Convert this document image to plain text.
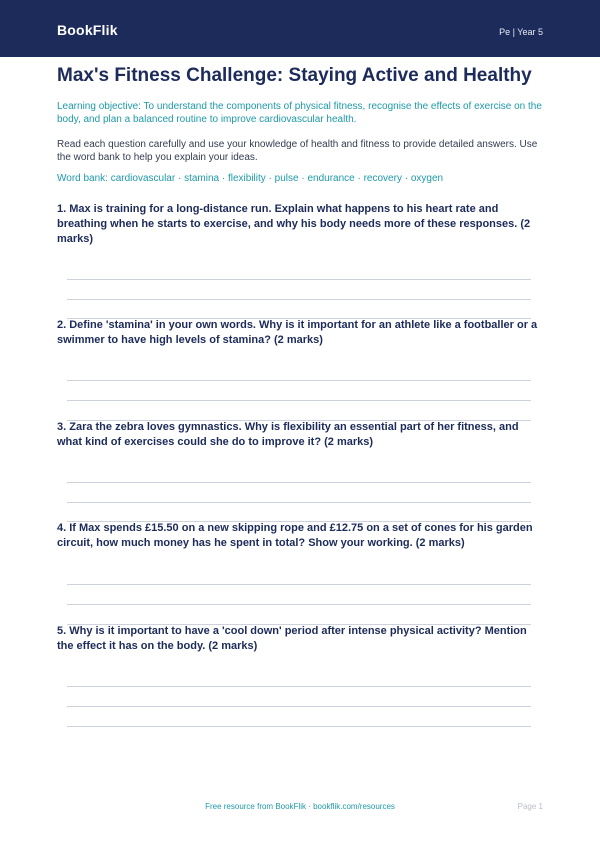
BookFlik	Pe | Year 5
Max's Fitness Challenge: Staying Active and Healthy
Learning objective: To understand the components of physical fitness, recognise the effects of exercise on the body, and plan a balanced routine to improve cardiovascular health.
Read each question carefully and use your knowledge of health and fitness to provide detailed answers. Use the word bank to help you explain your ideas.
Word bank: cardiovascular · stamina · flexibility · pulse · endurance · recovery · oxygen
1. Max is training for a long-distance run. Explain what happens to his heart rate and breathing when he starts to exercise, and why his body needs more of these responses. (2 marks)
2. Define 'stamina' in your own words. Why is it important for an athlete like a footballer or a swimmer to have high levels of stamina? (2 marks)
3. Zara the zebra loves gymnastics. Why is flexibility an essential part of her fitness, and what kind of exercises could she do to improve it? (2 marks)
4. If Max spends £15.50 on a new skipping rope and £12.75 on a set of cones for his garden circuit, how much money has he spent in total? Show your working. (2 marks)
5. Why is it important to have a 'cool down' period after intense physical activity? Mention the effect it has on the body. (2 marks)
Free resource from BookFlik · bookflik.com/resources	Page 1
